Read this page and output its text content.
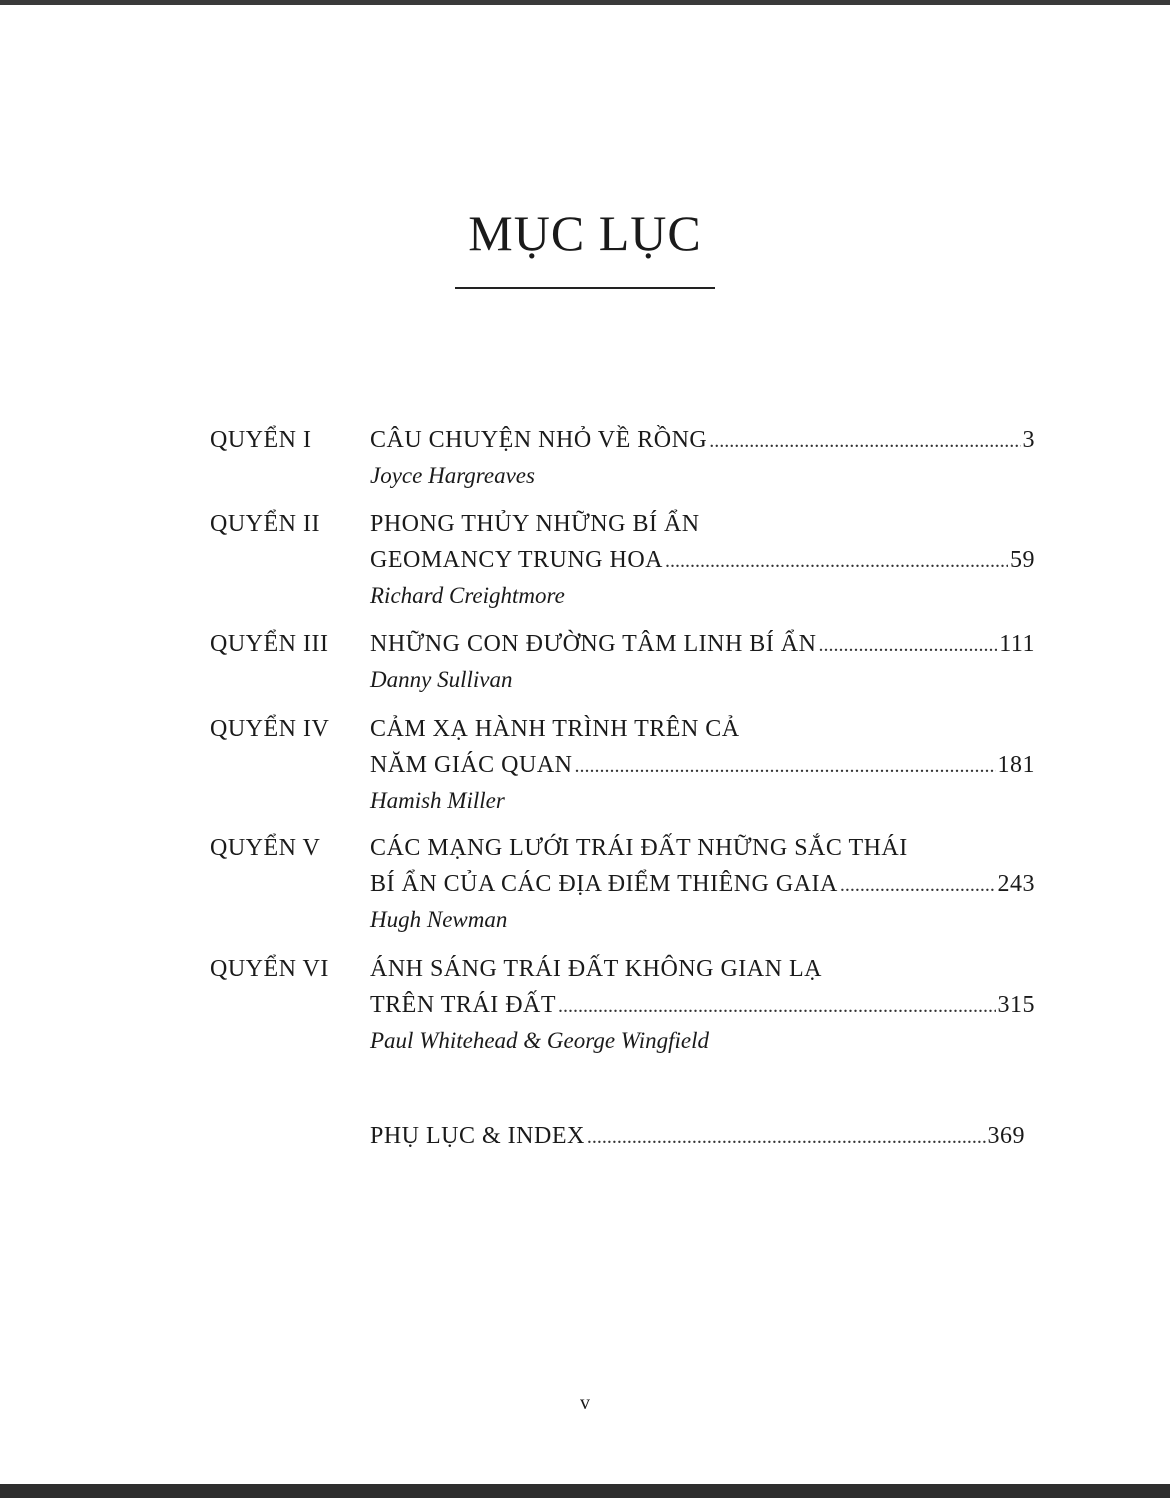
MỤC LỤC
QUYỂN I CÂU CHUYỆN NHỎ VỀ RỒNG .....	3
Joyce Hargreaves
QUYỂN II PHONG THỦY NHỮNG BÍ ẨN
GEOMANCY TRUNG HOA .....	59
Richard Creightmore
QUYỂN III NHỮNG CON ĐƯỜNG TÂM LINH BÍ ẨN .....	111
Danny Sullivan
QUYỂN IV CẢM XẠ HÀNH TRÌNH TRÊN CẢ
NĂM GIÁC QUAN .....	181
Hamish Miller
QUYỂN V CÁC MẠNG LƯỚI TRÁI ĐẤT NHỮNG SẮC THÁI
BÍ ẨN CỦA CÁC ĐỊA ĐIỂM THIÊNG GAIA .....	243
Hugh Newman
QUYỂN VI ÁNH SÁNG TRÁI ĐẤT KHÔNG GIAN LẠ
TRÊN TRÁI ĐẤT .....	315
Paul Whitehead & George Wingfield
PHỤ LỤC & INDEX .....	369
v
